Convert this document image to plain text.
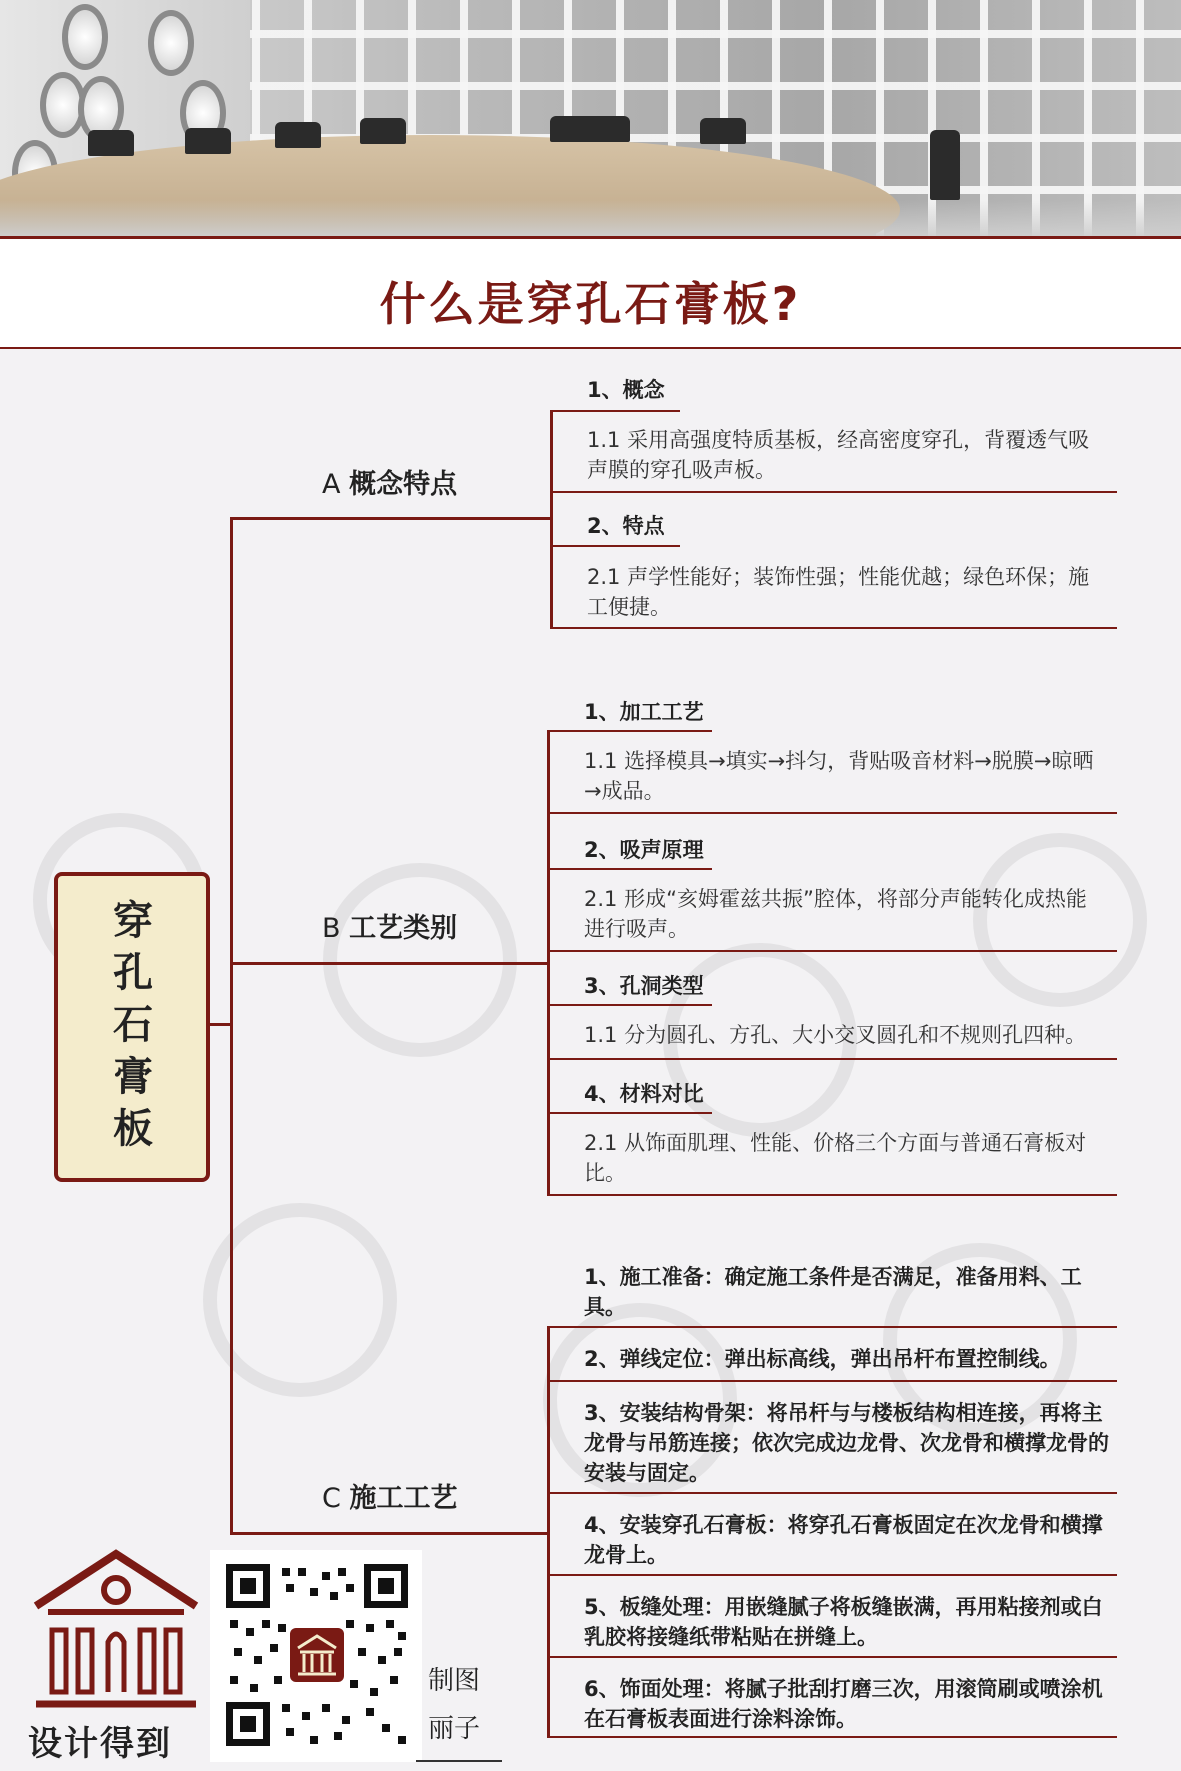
什么是穿孔石膏板?
穿
孔
石
膏
板
A 概念特点
B 工艺类别
C 施工工艺
1、概念
1.1 采用高强度特质基板，经高密度穿孔，背覆透气吸声膜的穿孔吸声板。
2、特点
2.1 声学性能好；装饰性强；性能优越；绿色环保；施工便捷。
1、加工工艺
1.1 选择模具→填实→抖匀，背贴吸音材料→脱膜→晾晒→成品。
2、吸声原理
2.1 形成“亥姆霍兹共振”腔体，将部分声能转化成热能进行吸声。
3、孔洞类型
1.1 分为圆孔、方孔、大小交叉圆孔和不规则孔四种。
4、材料对比
2.1 从饰面肌理、性能、价格三个方面与普通石膏板对比。
1、施工准备：确定施工条件是否满足，准备用料、工具。
2、弹线定位：弹出标高线，弹出吊杆布置控制线。
3、安装结构骨架：将吊杆与与楼板结构相连接，再将主龙骨与吊筋连接；依次完成边龙骨、次龙骨和横撑龙骨的安装与固定。
4、安装穿孔石膏板：将穿孔石膏板固定在次龙骨和横撑龙骨上。
5、板缝处理：用嵌缝腻子将板缝嵌满，再用粘接剂或白乳胶将接缝纸带粘贴在拼缝上。
6、饰面处理：将腻子批刮打磨三次，用滚筒刷或喷涂机在石膏板表面进行涂料涂饰。
设计得到
制图
丽子
